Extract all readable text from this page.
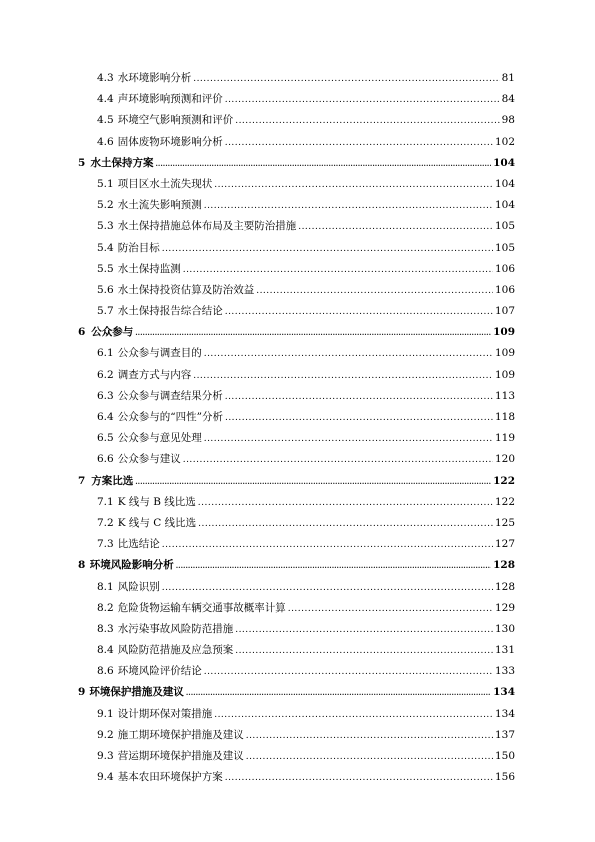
4.3 水环境影响分析 .....	81
4.4 声环境影响预测和评价 .....	84
4.5 环境空气影响预测和评价 .....	98
4.6 固体废物环境影响分析 .....	102
5 水土保持方案 .....	104
5.1 项目区水土流失现状 .....	104
5.2 水土流失影响预测 .....	104
5.3 水土保持措施总体布局及主要防治措施 .....	105
5.4 防治目标 .....	105
5.5 水土保持监测 .....	106
5.6 水土保持投资估算及防治效益 .....	106
5.7 水土保持报告综合结论 .....	107
6 公众参与 .....	109
6.1 公众参与调查目的 .....	109
6.2 调查方式与内容 .....	109
6.3 公众参与调查结果分析 .....	113
6.4 公众参与的“四性”分析 .....	118
6.5 公众参与意见处理 .....	119
6.6 公众参与建议 .....	120
7 方案比选 .....	122
7.1 K 线与 B 线比选 .....	122
7.2 K 线与 C 线比选 .....	125
7.3 比选结论 .....	127
8 环境风险影响分析 .....	128
8.1 风险识别 .....	128
8.2 危险货物运输车辆交通事故概率计算 .....	129
8.3 水污染事故风险防范措施 .....	130
8.4 风险防范措施及应急预案 .....	131
8.6 环境风险评价结论 .....	133
9 环境保护措施及建议 .....	134
9.1 设计期环保对策措施 .....	134
9.2 施工期环境保护措施及建议 .....	137
9.3 营运期环境保护措施及建议 .....	150
9.4 基本农田环境保护方案 .....	156
